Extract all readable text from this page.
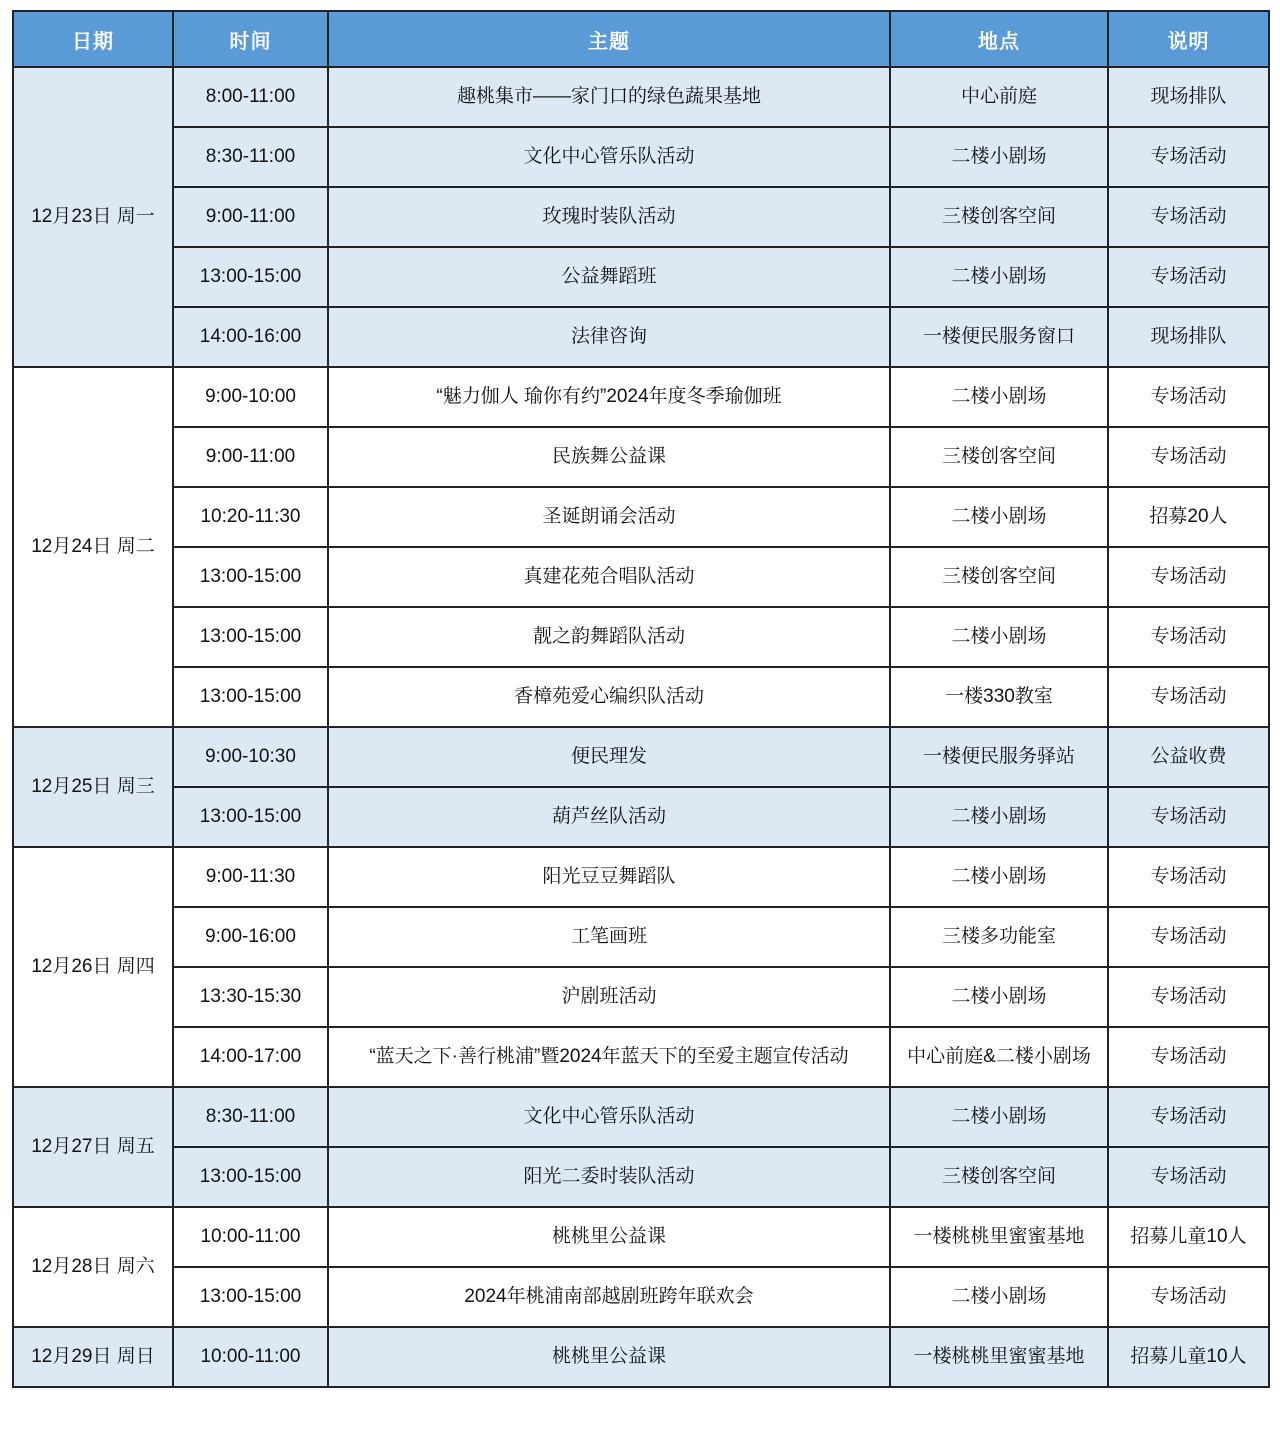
日期	时间	主题	地点	说明
12月23日 周一	8:00-11:00	趣桃集市——家门口的绿色蔬果基地	中心前庭	现场排队
	8:30-11:00	文化中心管乐队活动	二楼小剧场	专场活动
	9:00-11:00	玫瑰时装队活动	三楼创客空间	专场活动
	13:00-15:00	公益舞蹈班	二楼小剧场	专场活动
	14:00-16:00	法律咨询	一楼便民服务窗口	现场排队
12月24日 周二	9:00-10:00	“魅力伽人 瑜你有约”2024年度冬季瑜伽班	二楼小剧场	专场活动
	9:00-11:00	民族舞公益课	三楼创客空间	专场活动
	10:20-11:30	圣诞朗诵会活动	二楼小剧场	招募20人
	13:00-15:00	真建花苑合唱队活动	三楼创客空间	专场活动
	13:00-15:00	靓之韵舞蹈队活动	二楼小剧场	专场活动
	13:00-15:00	香樟苑爱心编织队活动	一楼330教室	专场活动
12月25日 周三	9:00-10:30	便民理发	一楼便民服务驿站	公益收费
	13:00-15:00	葫芦丝队活动	二楼小剧场	专场活动
12月26日 周四	9:00-11:30	阳光豆豆舞蹈队	二楼小剧场	专场活动
	9:00-16:00	工笔画班	三楼多功能室	专场活动
	13:30-15:30	沪剧班活动	二楼小剧场	专场活动
	14:00-17:00	“蓝天之下·善行桃浦”暨2024年蓝天下的至爱主题宣传活动	中心前庭&二楼小剧场	专场活动
12月27日 周五	8:30-11:00	文化中心管乐队活动	二楼小剧场	专场活动
	13:00-15:00	阳光二委时装队活动	三楼创客空间	专场活动
12月28日 周六	10:00-11:00	桃桃里公益课	一楼桃桃里蜜蜜基地	招募儿童10人
	13:00-15:00	2024年桃浦南部越剧班跨年联欢会	二楼小剧场	专场活动
12月29日 周日	10:00-11:00	桃桃里公益课	一楼桃桃里蜜蜜基地	招募儿童10人
